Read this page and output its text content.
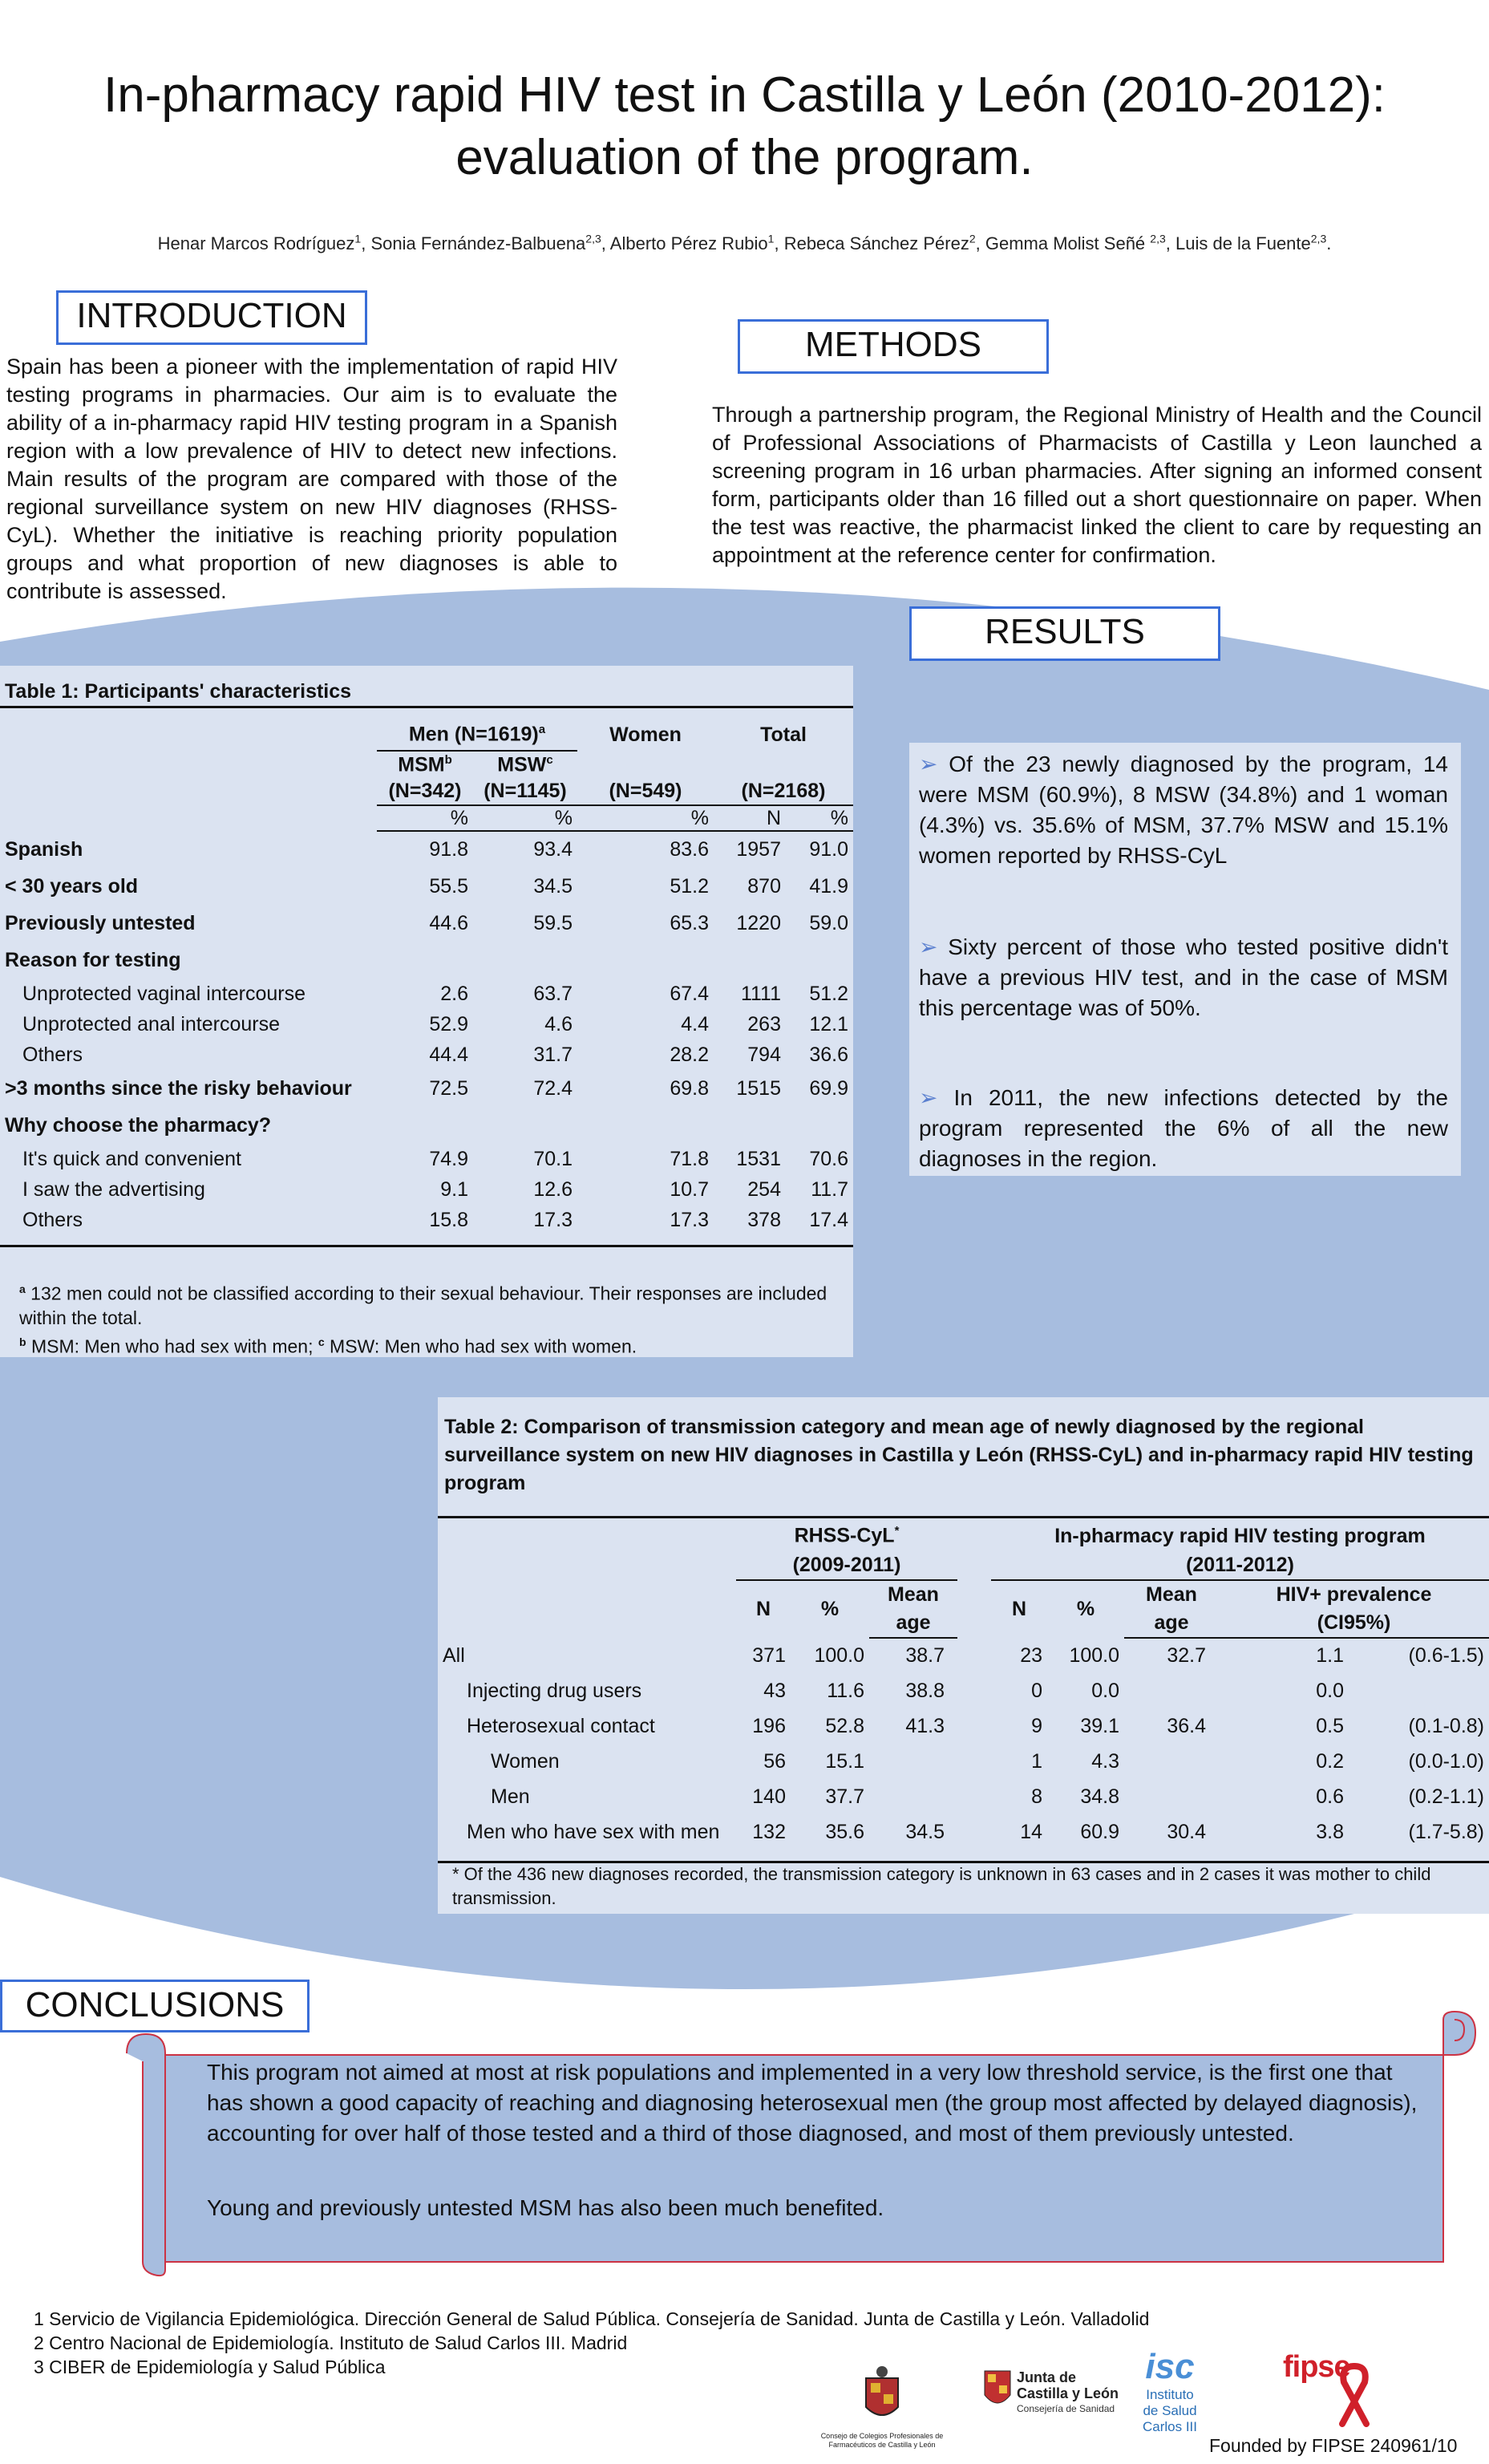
In-pharmacy rapid HIV test in Castilla y León (2010-2012):
evaluation of the program.
Henar Marcos Rodríguez$^1$, Sonia Fernández-Balbuena$^{2,3}$, Alberto Pérez Rubio$^1$, Rebeca Sánchez Pérez$^2$, Gemma Molist Señé $^{2,3}$, Luis de la Fuente$^{2,3}$.
INTRODUCTION
Spain has been a pioneer with the implementation of rapid HIV testing programs in pharmacies. Our aim is to evaluate the ability of a in-pharmacy rapid HIV testing program in a Spanish region with a low prevalence of HIV to detect new infections. Main results of the program are compared with those of the regional surveillance system on new HIV diagnoses (RHSS-CyL). Whether the initiative is reaching priority population groups and what proportion of new diagnoses is able to contribute is assessed.
METHODS
Through a partnership program, the Regional Ministry of Health and the Council of Professional Associations of Pharmacists of Castilla y Leon launched a screening program in 16 urban pharmacies. After signing an informed consent form, participants older than 16 filled out a short questionnaire on paper. When the test was reactive, the pharmacist linked the client to care by requesting an appointment at the reference center for confirmation.
RESULTS
Table 1: Participants' characteristics
	Men (N=1619)$^a$		Women	Total	
	MSM$^b$	MSW$^c$			
	(N=342)	(N=1145)	(N=549)	(N=2168)	
	%	%	%	N	%
Spanish	91.8	93.4	83.6	1957	91.0
< 30 years old	55.5	34.5	51.2	870	41.9
Previously untested	44.6	59.5	65.3	1220	59.0
Reason for testing					
Unprotected vaginal intercourse	2.6	63.7	67.4	1111	51.2
Unprotected anal intercourse	52.9	4.6	4.4	263	12.1
Others	44.4	31.7	28.2	794	36.6
>3 months since the risky behaviour	72.5	72.4	69.8	1515	69.9
Why choose the pharmacy?					
It's quick and convenient	74.9	70.1	71.8	1531	70.6
I saw the advertising	9.1	12.6	10.7	254	11.7
Others	15.8	17.3	17.3	378	17.4
$^a$ 132 men could not be classified according to their sexual behaviour. Their responses are included within the total.
$^b$ MSM: Men who had sex with men; $^c$ MSW: Men who had sex with women.
➢ Of the 23 newly diagnosed by the program, 14 were MSM (60.9%), 8 MSW (34.8%) and 1 woman (4.3%) vs. 35.6% of MSM, 37.7% MSW and 15.1% women reported by RHSS-CyL
➢ Sixty percent of those who tested positive didn't have a previous HIV test, and in the case of MSM this percentage was of 50%.
➢ In 2011, the new infections detected by the program represented the 6% of all the new diagnoses in the region.
Table 2: Comparison of transmission category and mean age of newly diagnosed by the regional surveillance system on new HIV diagnoses in Castilla y León (RHSS-CyL) and in-pharmacy rapid HIV testing program
	RHSS-CyL*				In-pharmacy rapid HIV testing program				
	(2009-2011)				(2011-2012)				
	N	%	Mean		N	%	Mean	HIV+ prevalence	
			age				age	(CI95%)	
All	371	100.0	38.7		23	100.0	32.7	1.1	(0.6-1.5)
Injecting drug users	43	11.6	38.8		0	0.0		0.0	
Heterosexual contact	196	52.8	41.3		9	39.1	36.4	0.5	(0.1-0.8)
Women	56	15.1			1	4.3		0.2	(0.0-1.0)
Men	140	37.7			8	34.8		0.6	(0.2-1.1)
Men who have sex with men	132	35.6	34.5		14	60.9	30.4	3.8	(1.7-5.8)
* Of the 436 new diagnoses recorded, the transmission category is unknown in 63 cases and in 2 cases it was mother to child transmission.
CONCLUSIONS
This program not aimed at most at risk populations and implemented in a very low threshold service, is the first one that has shown a good capacity of reaching and diagnosing heterosexual men (the group most affected by delayed diagnosis), accounting for over half of those tested and a third of those diagnosed, and most of them previously untested.
Young and previously untested MSM has also been much benefited.
1 Servicio de Vigilancia Epidemiológica. Dirección General de Salud Pública. Consejería de Sanidad. Junta de Castilla y León. Valladolid
2 Centro Nacional de Epidemiología. Instituto de Salud Carlos III. Madrid
3 CIBER de Epidemiología y Salud Pública
Consejo de Colegios Profesionales de Farmacéuticos de Castilla y León
Junta de
Castilla y León
Consejería de Sanidad
isc
Instituto
de Salud
Carlos III
fipse
Founded by FIPSE 240961/10
